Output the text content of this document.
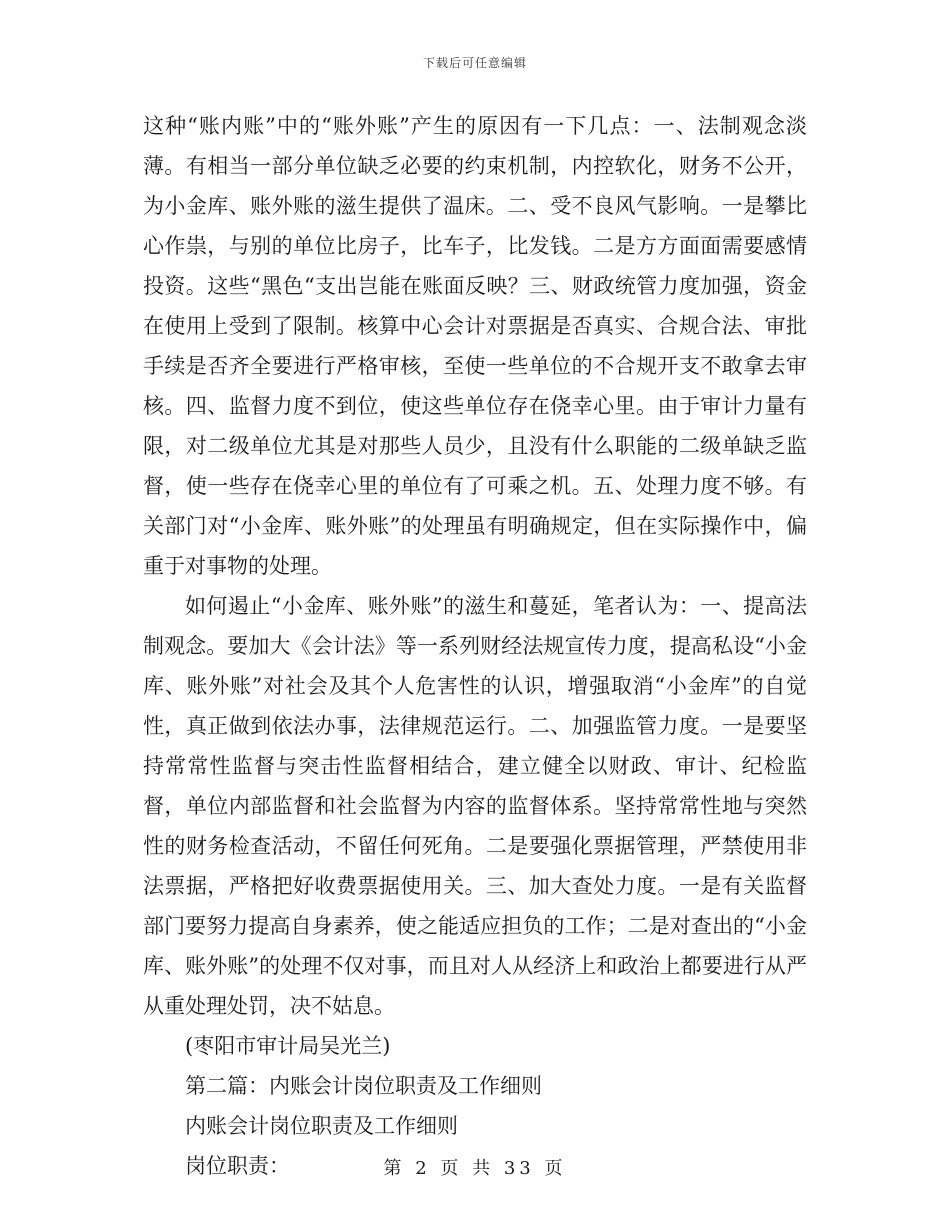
下载后可任意编辑

这种“账内账”中的“账外账”产生的原因有一下几点：一、法制观念淡薄。有相当一部分单位缺乏必要的约束机制，内控软化，财务不公开，为小金库、账外账的滋生提供了温床。二、受不良风气影响。一是攀比心作祟，与别的单位比房子，比车子，比发钱。二是方方面面需要感情投资。这些“黑色“支出岂能在账面反映？三、财政统管力度加强，资金在使用上受到了限制。核算中心会计对票据是否真实、合规合法、审批手续是否齐全要进行严格审核，至使一些单位的不合规开支不敢拿去审核。四、监督力度不到位，使这些单位存在侥幸心里。由于审计力量有限，对二级单位尤其是对那些人员少，且没有什么职能的二级单缺乏监督，使一些存在侥幸心里的单位有了可乘之机。五、处理力度不够。有关部门对“小金库、账外账”的处理虽有明确规定，但在实际操作中，偏重于对事物的处理。

如何遏止“小金库、账外账”的滋生和蔓延，笔者认为：一、提高法制观念。要加大《会计法》等一系列财经法规宣传力度，提高私设“小金库、账外账”对社会及其个人危害性的认识，增强取消“小金库”的自觉性，真正做到依法办事，法律规范运行。二、加强监管力度。一是要坚持常常性监督与突击性监督相结合，建立健全以财政、审计、纪检监督，单位内部监督和社会监督为内容的监督体系。坚持常常性地与突然性的财务检查活动，不留任何死角。二是要强化票据管理，严禁使用非法票据，严格把好收费票据使用关。三、加大查处力度。一是有关监督部门要努力提高自身素养，使之能适应担负的工作；二是对查出的“小金库、账外账”的处理不仅对事，而且对人从经济上和政治上都要进行从严从重处理处罚，决不姑息。

(枣阳市审计局吴光兰)

第二篇：内账会计岗位职责及工作细则

内账会计岗位职责及工作细则

岗位职责：	第 2 页 共 33 页
